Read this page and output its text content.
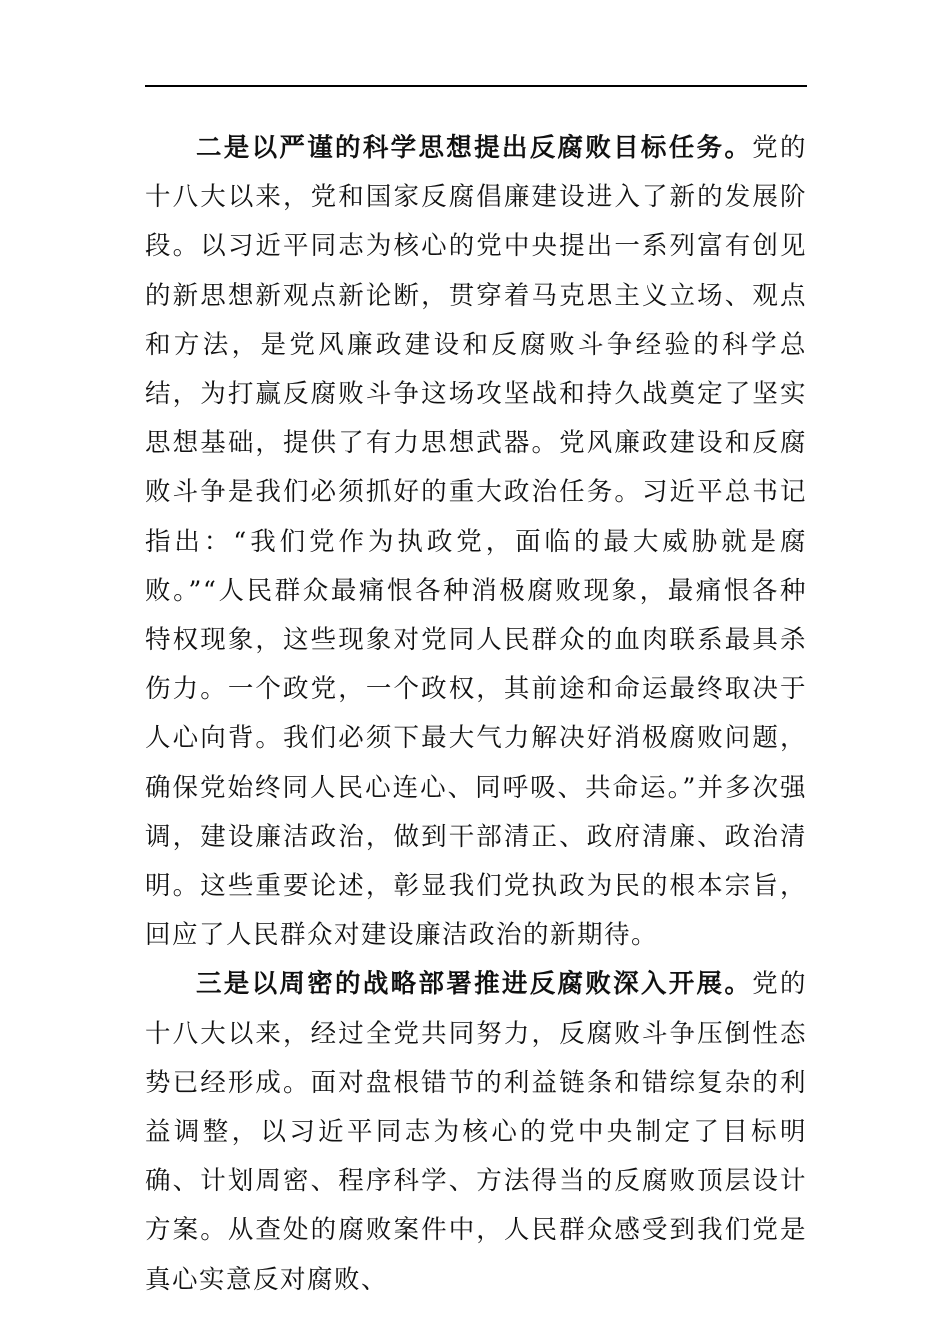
二是以严谨的科学思想提出反腐败目标任务。党的十八大以来，党和国家反腐倡廉建设进入了新的发展阶段。以习近平同志为核心的党中央提出一系列富有创见的新思想新观点新论断，贯穿着马克思主义立场、观点和方法，是党风廉政建设和反腐败斗争经验的科学总结，为打赢反腐败斗争这场攻坚战和持久战奠定了坚实思想基础，提供了有力思想武器。党风廉政建设和反腐败斗争是我们必须抓好的重大政治任务。习近平总书记指出：“我们党作为执政党，面临的最大威胁就是腐败。”“人民群众最痛恨各种消极腐败现象，最痛恨各种特权现象，这些现象对党同人民群众的血肉联系最具杀伤力。一个政党，一个政权，其前途和命运最终取决于人心向背。我们必须下最大气力解决好消极腐败问题，确保党始终同人民心连心、同呼吸、共命运。”并多次强调，建设廉洁政治，做到干部清正、政府清廉、政治清明。这些重要论述，彰显我们党执政为民的根本宗旨，回应了人民群众对建设廉洁政治的新期待。

三是以周密的战略部署推进反腐败深入开展。党的十八大以来，经过全党共同努力，反腐败斗争压倒性态势已经形成。面对盘根错节的利益链条和错综复杂的利益调整，以习近平同志为核心的党中央制定了目标明确、计划周密、程序科学、方法得当的反腐败顶层设计方案。从查处的腐败案件中，人民群众感受到我们党是真心实意反对腐败、
